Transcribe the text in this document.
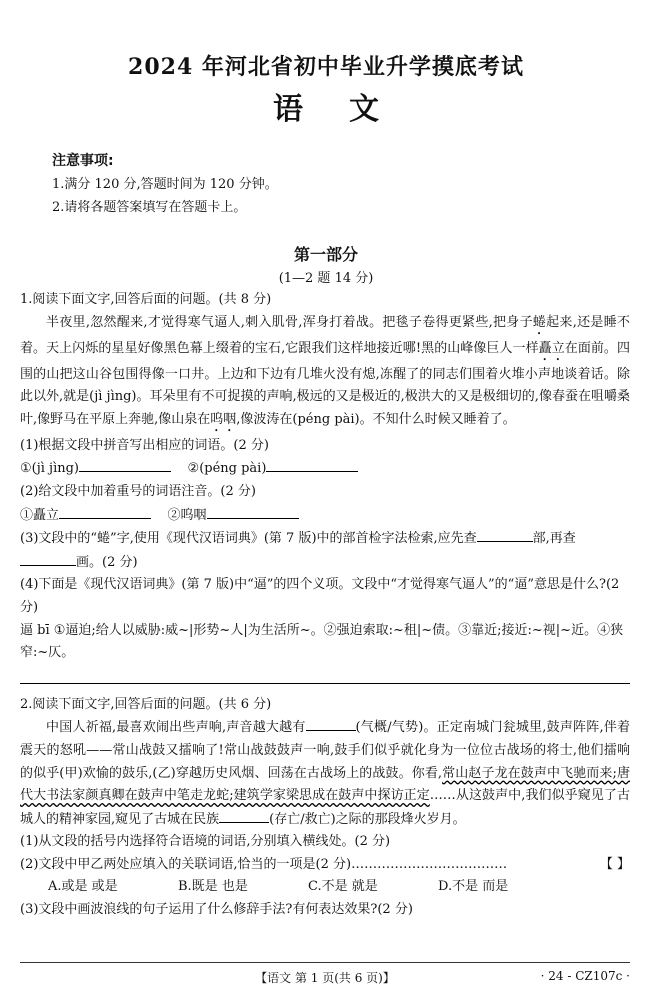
2024 年河北省初中毕业升学摸底考试
语文
注意事项:
1.满分 120 分,答题时间为 120 分钟。
2.请将各题答案填写在答题卡上。
第一部分
(1—2 题 14 分)

1.阅读下面文字,回答后面的问题。(共 8 分)

半夜里,忽然醒来,才觉得寒气逼人,刺入肌骨,浑身打着战。把毯子卷得更紧些,把身子蜷起来,还是睡不着。天上闪烁的星星好像黑色幕上缀着的宝石,它跟我们这样地接近哪!黑的山峰像巨人一样矗立在面前。四围的山把这山谷包围得像一口井。上边和下边有几堆火没有熄,冻醒了的同志们围着火堆小声地谈着话。除此以外,就是(jì jìng)。耳朵里有不可捉摸的声响,极远的又是极近的,极洪大的又是极细切的,像春蚕在咀嚼桑叶,像野马在平原上奔驰,像山泉在呜咽,像波涛在(péng pài)。不知什么时候又睡着了。

(1)根据文段中拼音写出相应的词语。(2 分)

①(jì jìng)	②(péng pài)

(2)给文段中加着重号的词语注音。(2 分)

①矗立	②呜咽

(3)文段中的“蜷”字,使用《现代汉语词典》(第 7 版)中的部首检字法检索,应先查	部,再查画。(2 分)

(4)下面是《现代汉语词典》(第 7 版)中“逼”的四个义项。文段中“才觉得寒气逼人”的“逼”意思是什么?(2 分)

逼 bī ①逼迫;给人以威胁:威~|形势~人|为生活所~。②强迫索取:~租|~债。③靠近;接近:~视|~近。④狭窄:~仄。

2.阅读下面文字,回答后面的问题。(共 6 分)

中国人祈福,最喜欢闹出些声响,声音越大越有	(气概/气势)。正定南城门瓮城里,鼓声阵阵,伴着震天的怒吼——常山战鼓又擂响了!常山战鼓鼓声一响,鼓手们似乎就化身为一位位古战场的将士,他们擂响的似乎(甲)欢愉的鼓乐,(乙)穿越历史风烟、回荡在古战场上的战鼓。你看,常山赵子龙在鼓声中飞驰而来;唐代大书法家颜真卿在鼓声中笔走龙蛇;建筑学家梁思成在鼓声中探访正定……从这鼓声中,我们似乎窥见了古城人的精神家园,窥见了古城在民族	(存亡/救亡)之际的那段烽火岁月。

(1)从文段的括号内选择符合语境的词语,分别填入横线处。(2 分)

(2)文段中甲乙两处应填入的关联词语,恰当的一项是(2 分)………………………………	【 】

A.或是 或是	B.既是 也是	C.不是 就是	D.不是 而是

(3)文段中画波浪线的句子运用了什么修辞手法?有何表达效果?(2 分)

【语文 第 1 页(共 6 页)】	· 24 - CZ107c ·
